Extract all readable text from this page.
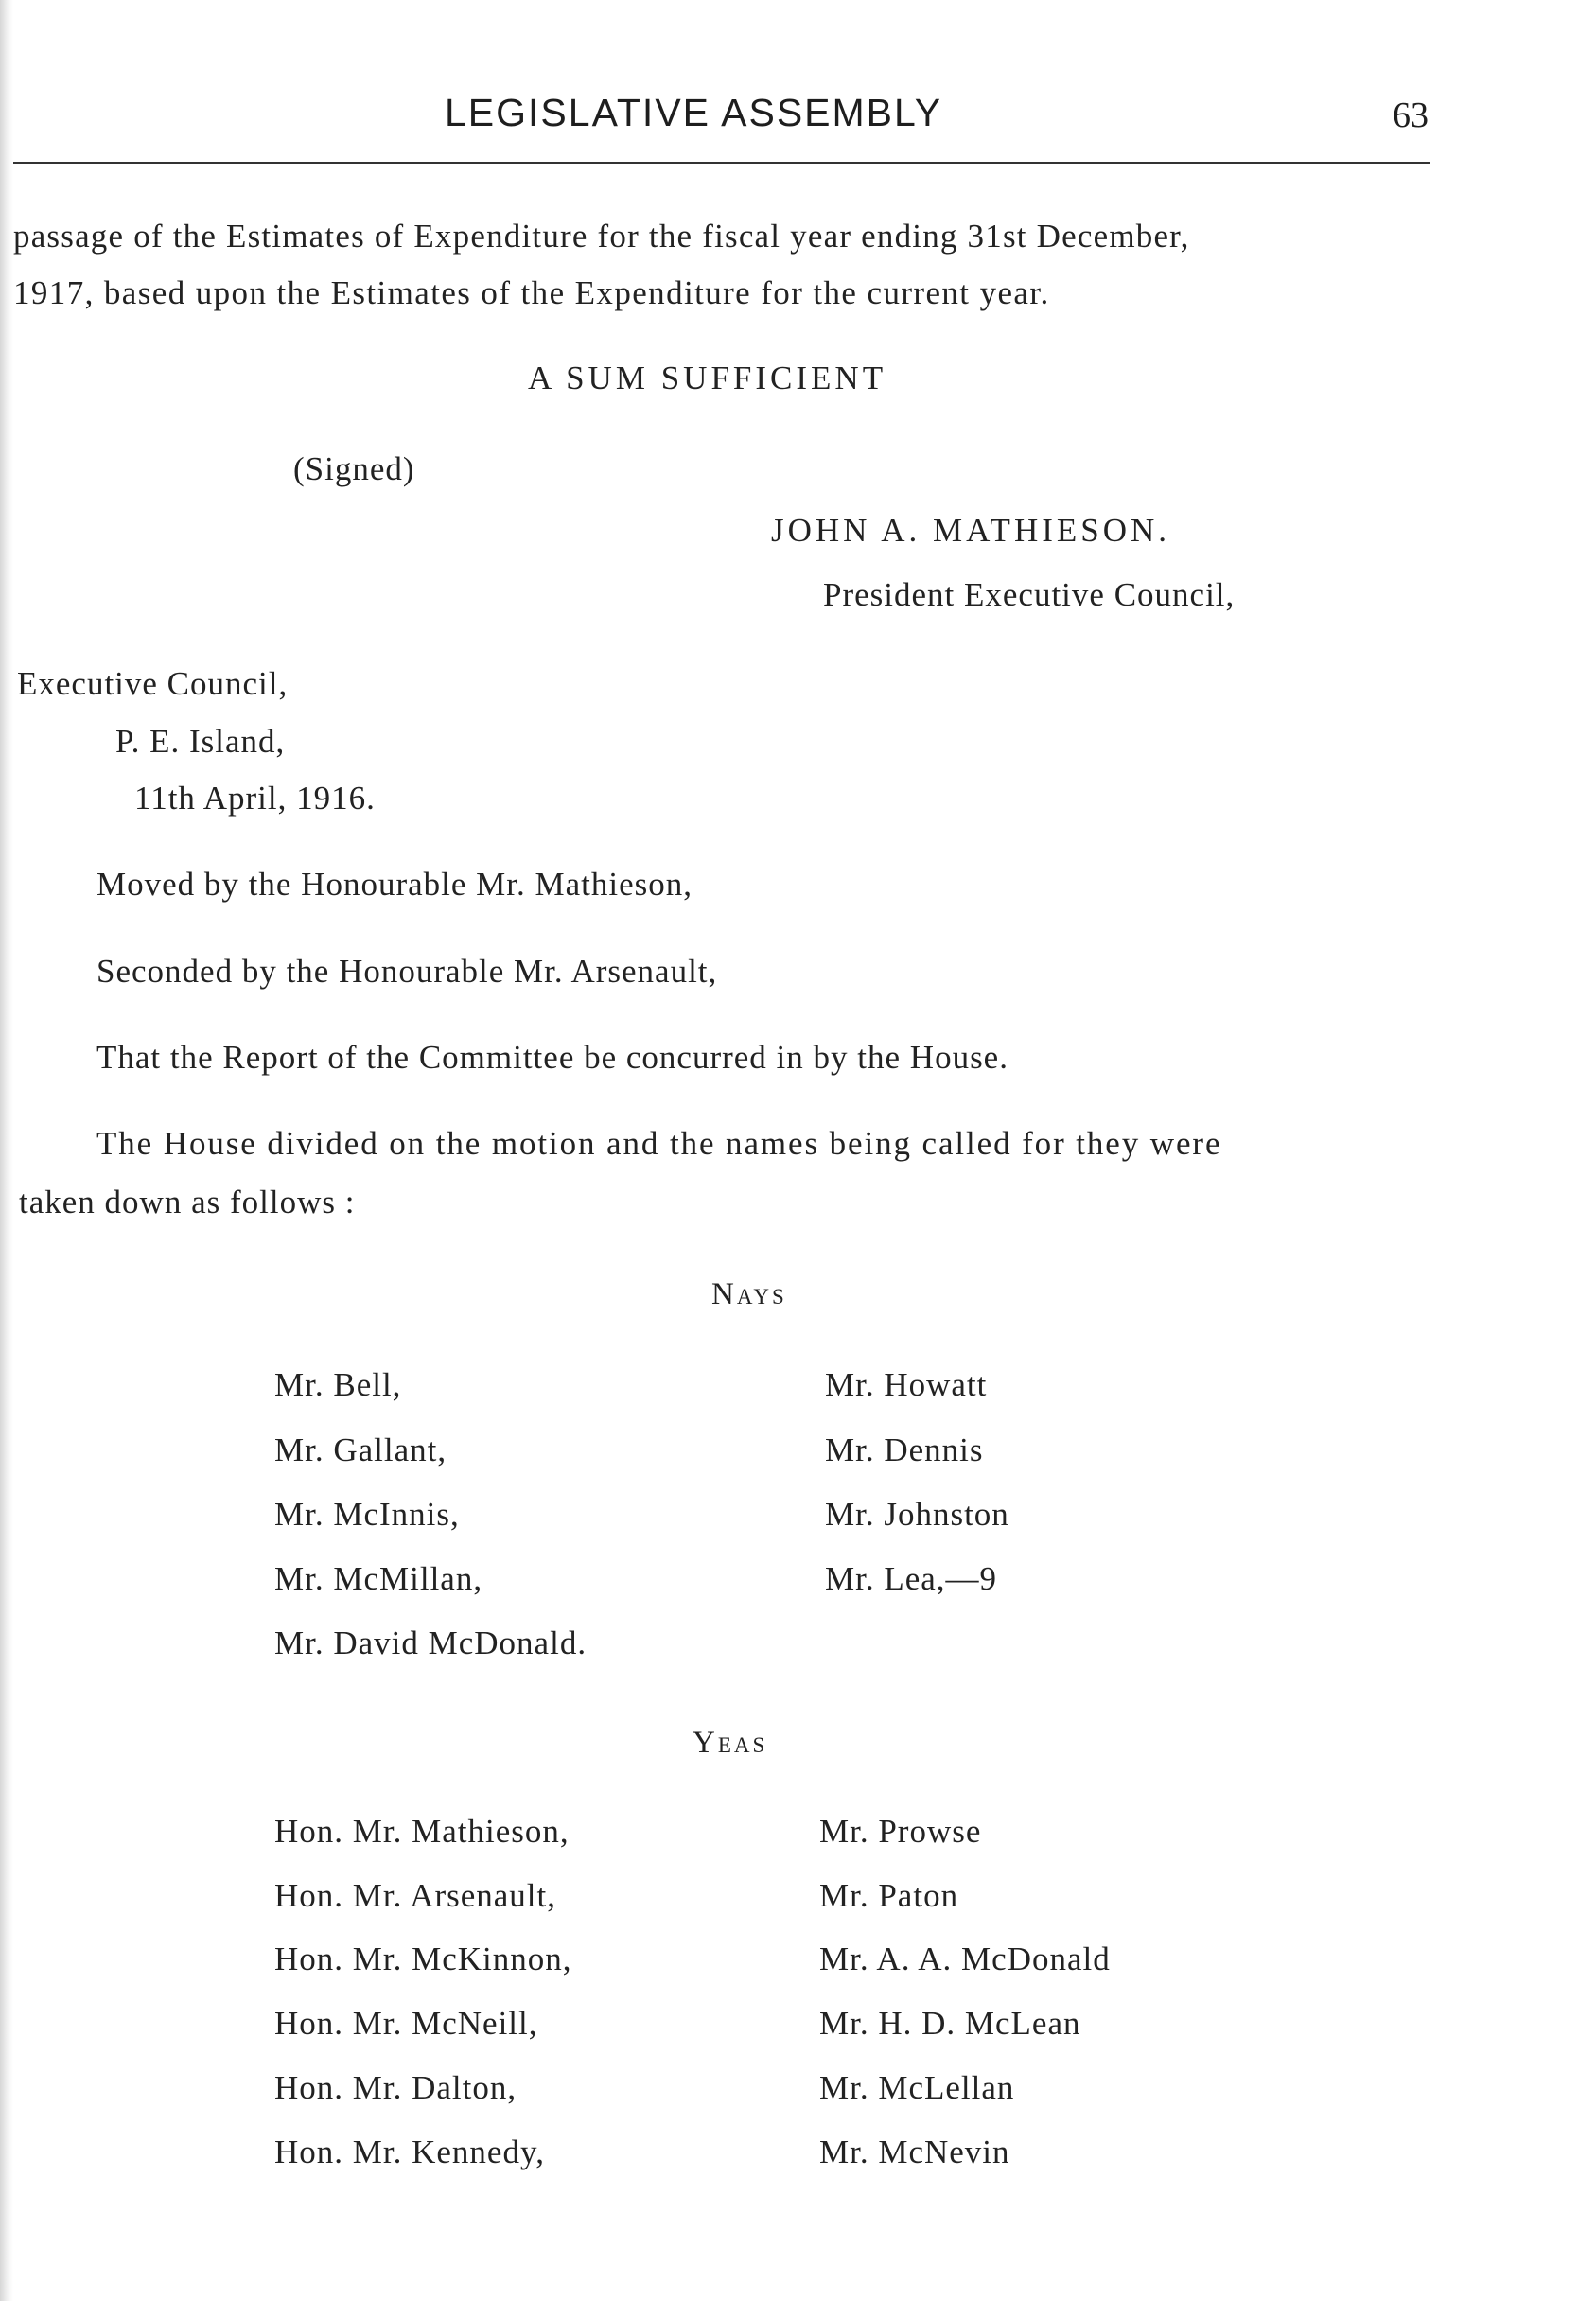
LEGISLATIVE ASSEMBLY	63
passage of the Estimates of Expenditure for the fiscal year ending 31st December,
1917, based upon the Estimates of the Expenditure for the current year.
A SUM SUFFICIENT
(Signed)
JOHN A. MATHIESON.
President Executive Council,
Executive Council,
P. E. Island,
11th April, 1916.
Moved by the Honourable Mr. Mathieson,
Seconded by the Honourable Mr. Arsenault,
That the Report of the Committee be concurred in by the House.
The House divided on the motion and the names being called for they were
taken down as follows :
Nays
Mr. Bell,
Mr. Gallant,
Mr. McInnis,
Mr. McMillan,
Mr. David McDonald.
Mr. Howatt
Mr. Dennis
Mr. Johnston
Mr. Lea,—9
Yeas
Hon. Mr. Mathieson,
Hon. Mr. Arsenault,
Hon. Mr. McKinnon,
Hon. Mr. McNeill,
Hon. Mr. Dalton,
Hon. Mr. Kennedy,
Mr. Prowse
Mr. Paton
Mr. A. A. McDonald
Mr. H. D. McLean
Mr. McLellan
Mr. McNevin
